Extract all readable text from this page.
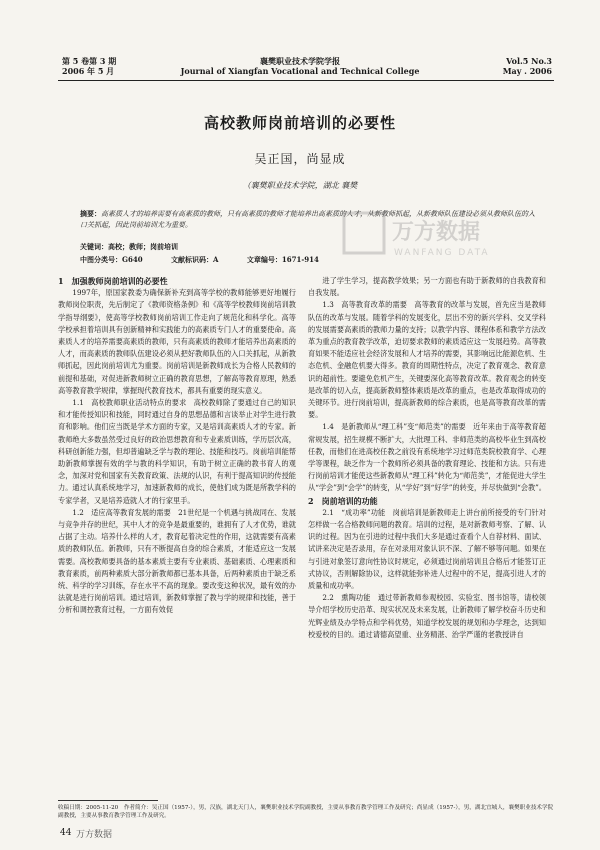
第 5 卷第 3 期
2006 年 5 月
襄樊职业技术学院学报
Journal of Xiangfan Vocational and Technical College
Vol.5 No.3
May . 2006
高校教师岗前培训的必要性
吴正国，尚显成
（襄樊职业技术学院，湖北 襄樊
摘要：高素质人才的培养需要有高素质的教师，只有高素质的教师才能培养出高素质的人才，从新教师抓起，从新教师队伍建设必须从教师队伍的入口关抓起，因此岗前培训尤为重要。
关键词：高校；教师；岗前培训
中图分类号：G640	文献标识码：A	文章编号：1671-914
万方数据
WANFANG DATA

1　加强教师岗前培训的必要性

1997年，原国家教委为确保新补充到高等学校的教师能够更好地履行教师岗位职责，先后制定了《教师资格条例》和《高等学校教师岗前培训教学指导纲要》，使高等学校教师岗前培训工作走向了规范化和科学化。高等学校承担着培训具有创新精神和实践能力的高素质专门人才的重要使命。高素质人才的培养需要高素质的教师，只有高素质的教师才能培养出高素质的人才，而高素质的教师队伍建设必须从把好教师队伍的入口关抓起，从新教师抓起，因此岗前培训尤为重要。岗前培训是新教师成长为合格人民教师的前提和基础，对促进新教师树立正确的教育思想，了解高等教育原理，熟悉高等教育教学规律，掌握现代教育技术，都具有重要的现实意义。

1.1　高校教师职业活动特点的要求　高校教师除了要通过自己的知识和才能传授知识和技能，同时通过自身的思想品德和言谈举止对学生进行教育和影响。他们应当既是学术方面的专家，又是培训高素质人才的专家。新教师绝大多数虽然受过良好的政治思想教育和专业素质训练，学历层次高，科研创新能力强，但却普遍缺乏学与教的理论、技能和技巧。岗前培训能帮助新教师掌握有效的学与教的科学知识，有助于树立正确的教书育人的观念，加深对党和国家有关教育政策、法规的认识，有利于提高知识的传授能力。通过认真系统地学习，加速新教师的成长，使他们成为既是所教学科的专家学者，又是培养造就人才的行家里手。

1.2　适应高等教育发展的需要　21世纪是一个机遇与挑战同在、发展与竞争并存的世纪，其中人才的竞争是最重要的，谁拥有了人才优势，谁就占据了主动。培养什么样的人才，教育起着决定性的作用，这就需要有高素质的教师队伍。新教师，只有不断提高自身的综合素质，才能适应这一发展需要。高校教师要具备的基本素质主要有专业素质、基础素质、心理素质和教育素质，前两种素质大部分新教师都已基本具备，后两种素质由于缺乏系统、科学的学习训练，存在水平不高的现象。要改变这种状况，最有效的办法就是进行岗前培训。通过培训，新教师掌握了教与学的规律和技能，善于分析和调控教育过程，一方面有效促

进了学生学习，提高教学效果；另一方面也有助于新教师的自我教育和自我发展。

1.3　高等教育改革的需要　高等教育的改革与发展，首先应当是教师队伍的改革与发展。随着学科的发展变化，层出不穷的新兴学科、交叉学科的发展需要高素质的教师力量的支持；以教学内容、课程体系和教学方法改革为重点的教育教学改革，迫切要求教师的素质适应这一发展趋势。高等教育如果不能适应社会经济发展和人才培养的需要，其影响远比能源危机、生态危机、金融危机要大得多。教育的周期性特点，决定了教育观念、教育意识的超前性。要避免危机产生，关键要深化高等教育改革。教育观念的转变是改革的切入点，提高新教师整体素质是改革的重点，也是改革取得成功的关键环节。进行岗前培训，提高新教师的综合素质，也是高等教育改革的需要。

1.4　是新教师从“理工科”变“师范类”的需要　近年来由于高等教育超常规发展，招生规模不断扩大，大批理工科、非师范类的高校毕业生到高校任教，而他们在进高校任教之前没有系统地学习过师范类院校教育学、心理学等课程，缺乏作为一个教师所必须具备的教育理论、技能和方法。只有进行岗前培训才能使这些新教师从“理工科”转化为“师范类”，才能促进大学生从“学会”到“会学”的转变，从“学好”到“好学”的转变，并尽快做到“会教”。

2　岗前培训的功能

2.1　“成功率”功能　岗前培训是新教师走上讲台前所接受的专门针对怎样做一名合格教师问题的教育。培训的过程，是对新教师考察、了解、认识的过程。因为在引进的过程中我们大多是通过查看个人自荐材料、面试、试讲来决定是否录用，存在对录用对象认识不深、了解不够等问题。如果在与引进对象签订意向性协议时规定，必须通过岗前培训且合格后才能签订正式协议，否则解除协议，这样就能弥补进人过程中的不足，提高引进人才的质量和成功率。

2.2　熏陶功能　通过带新教师参观校园、实验室、图书馆等，请校领导介绍学校历史沿革、现实状况及未来发展，让新教师了解学校奋斗历史和光辉业绩及办学特点和学科优势，知道学校发展的规划和办学理念，达到知校爱校的目的。通过请德高望重、业务精湛、治学严谨的老教授讲自

收稿日期：2005-11-20　作者简介：吴正国（1957-），男，汉族，湖北天门人，襄樊职业技术学院副教授，主要从事教育教学管理工作及研究；尚显成（1957-），男，湖北宜城人，襄樊职业技术学院副教授，主要从事教育教学管理工作及研究。
44 万方数据
